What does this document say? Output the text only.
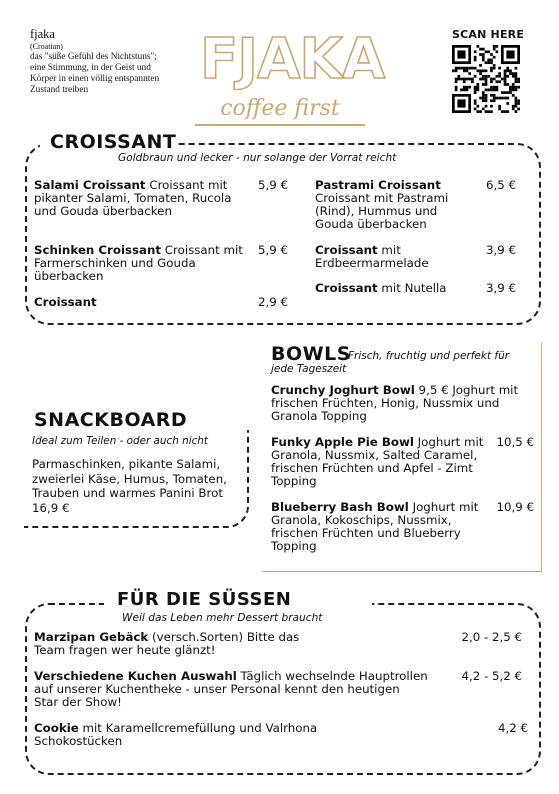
fjaka
(Croatian)
das "süße Gefühl des Nichtstuns";
eine Stimmung, in der Geist und
Körper in einen völlig entspannten
Zustand treiben	FJAKA
coffee first
SCAN HERE
CROISSANT
Goldbraun und lecker - nur solange der Vorrat reicht
Salami Croissant Croissant mit
pikanter Salami, Tomaten, Rucola
und Gouda überbacken
5,9 €
Schinken Croissant Croissant mit
Farmerschinken und Gouda
überbacken
5,9 €
Croissant	2,9 €
Pastrami Croissant
Croissant mit Pastrami
(Rind), Hummus und
Gouda überbacken
6,5 €
Croissant mit
Erdbeermarmelade
3,9 €
Croissant mit Nutella	3,9 €
BOWLS
Frisch, fruchtig und perfekt für
jede Tageszeit
Crunchy Joghurt Bowl 9,5 € Joghurt mit
frischen Früchten, Honig, Nussmix und
Granola Topping
Funky Apple Pie Bowl Joghurt mit
Granola, Nussmix, Salted Caramel,
frischen Früchten und Apfel - Zimt
Topping
10,5 €
Blueberry Bash Bowl Joghurt mit
Granola, Kokoschips, Nussmix,
frischen Früchten und Blueberry
Topping
10,9 €
SNACKBOARD
Ideal zum Teilen - oder auch nicht
Parmaschinken, pikante Salami,
zweierlei Käse, Humus, Tomaten,
Trauben und warmes Panini Brot
16,9 €
FÜR DIE SÜSSEN
Weil das Leben mehr Dessert braucht
Marzipan Gebäck (versch.Sorten) Bitte das
Team fragen wer heute glänzt!
2,0 - 2,5 €
Verschiedene Kuchen Auswahl Täglich wechselnde Hauptrollen
auf unserer Kuchentheke - unser Personal kennt den heutigen
Star der Show!
4,2 - 5,2 €
Cookie mit Karamellcremefüllung und Valrhona
Schokostücken
4,2 €
